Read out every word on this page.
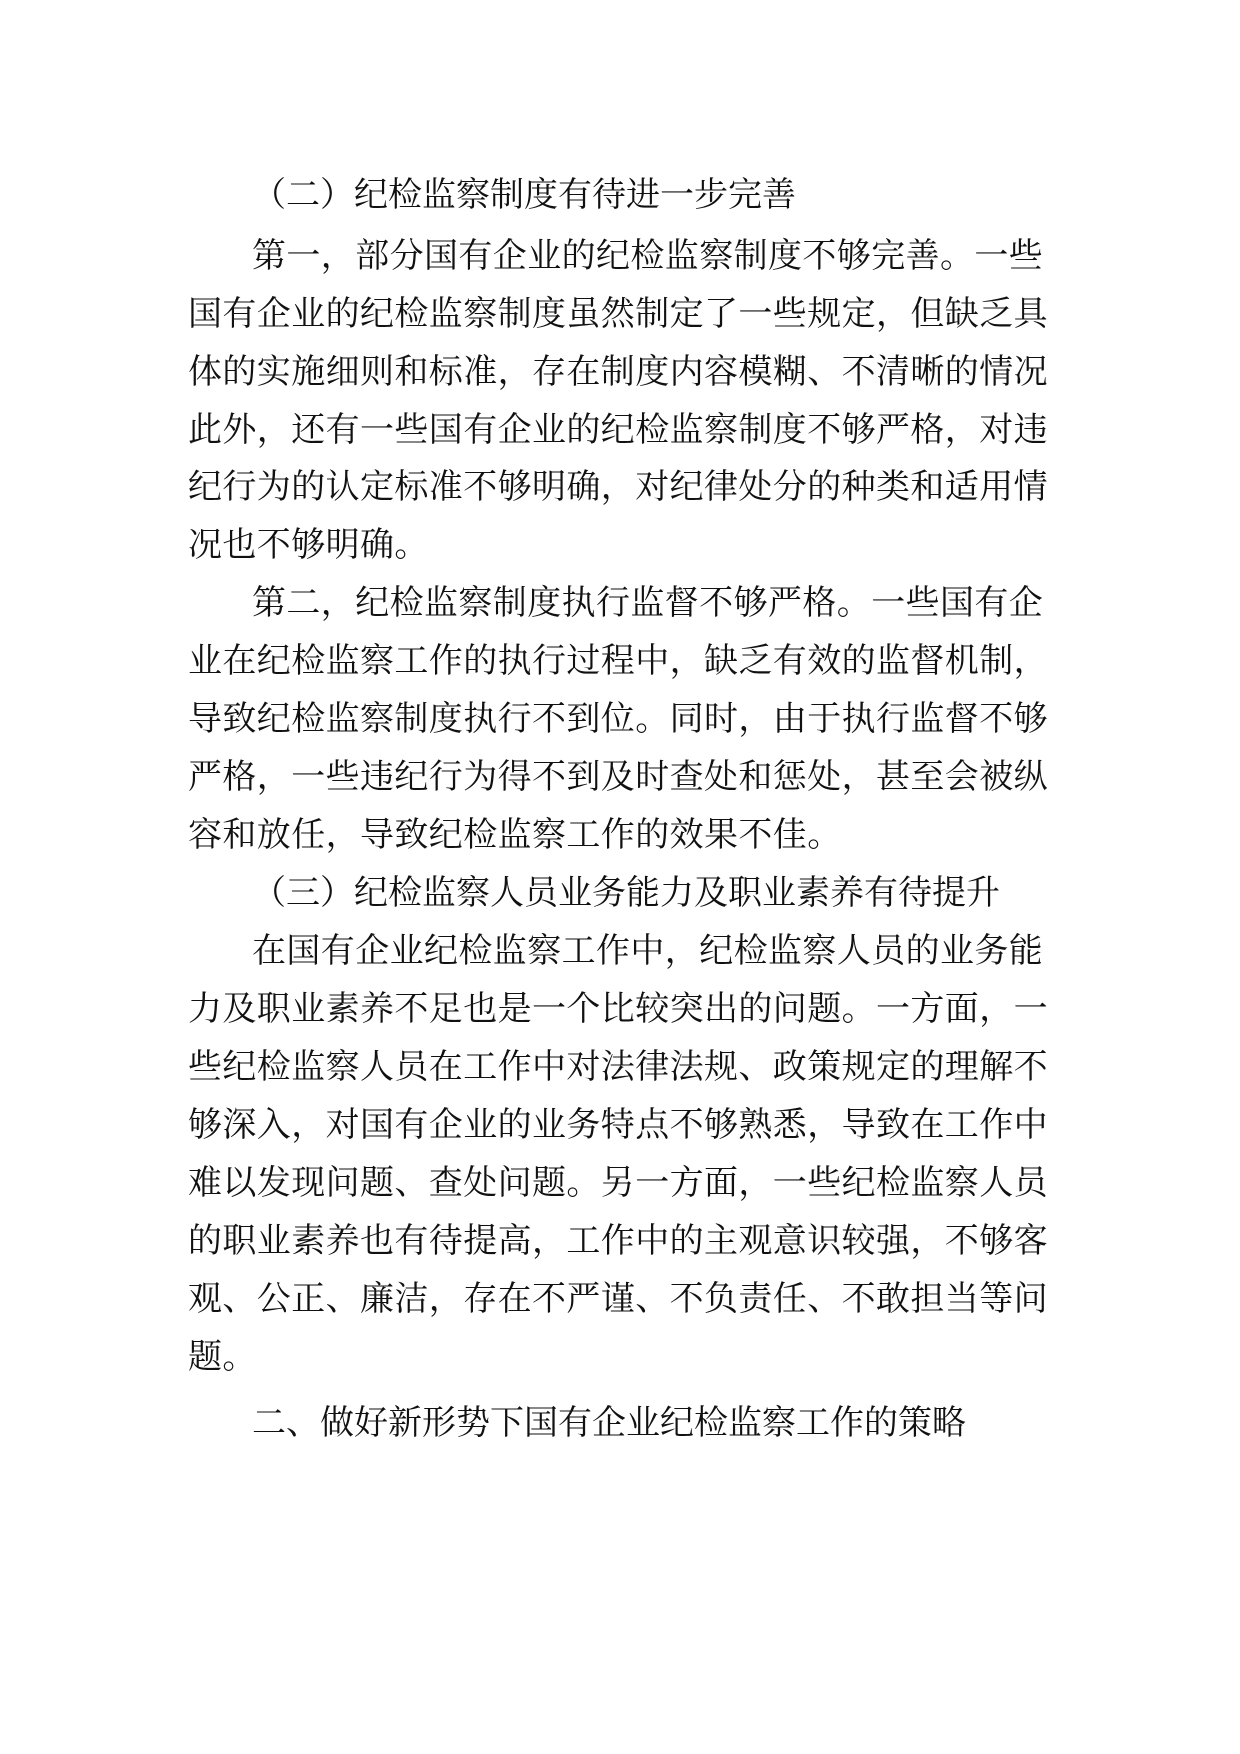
（二）纪检监察制度有待进一步完善

第一，部分国有企业的纪检监察制度不够完善。一些

国有企业的纪检监察制度虽然制定了一些规定，但缺乏具

体的实施细则和标准，存在制度内容模糊、不清晰的情况

此外，还有一些国有企业的纪检监察制度不够严格，对违

纪行为的认定标准不够明确，对纪律处分的种类和适用情

况也不够明确。

第二，纪检监察制度执行监督不够严格。一些国有企

业在纪检监察工作的执行过程中，缺乏有效的监督机制，

导致纪检监察制度执行不到位。同时，由于执行监督不够

严格，一些违纪行为得不到及时查处和惩处，甚至会被纵

容和放任，导致纪检监察工作的效果不佳。

（三）纪检监察人员业务能力及职业素养有待提升

在国有企业纪检监察工作中，纪检监察人员的业务能

力及职业素养不足也是一个比较突出的问题。一方面，一

些纪检监察人员在工作中对法律法规、政策规定的理解不

够深入，对国有企业的业务特点不够熟悉，导致在工作中

难以发现问题、查处问题。另一方面，一些纪检监察人员

的职业素养也有待提高，工作中的主观意识较强，不够客

观、公正、廉洁，存在不严谨、不负责任、不敢担当等问

题。

二、做好新形势下国有企业纪检监察工作的策略
